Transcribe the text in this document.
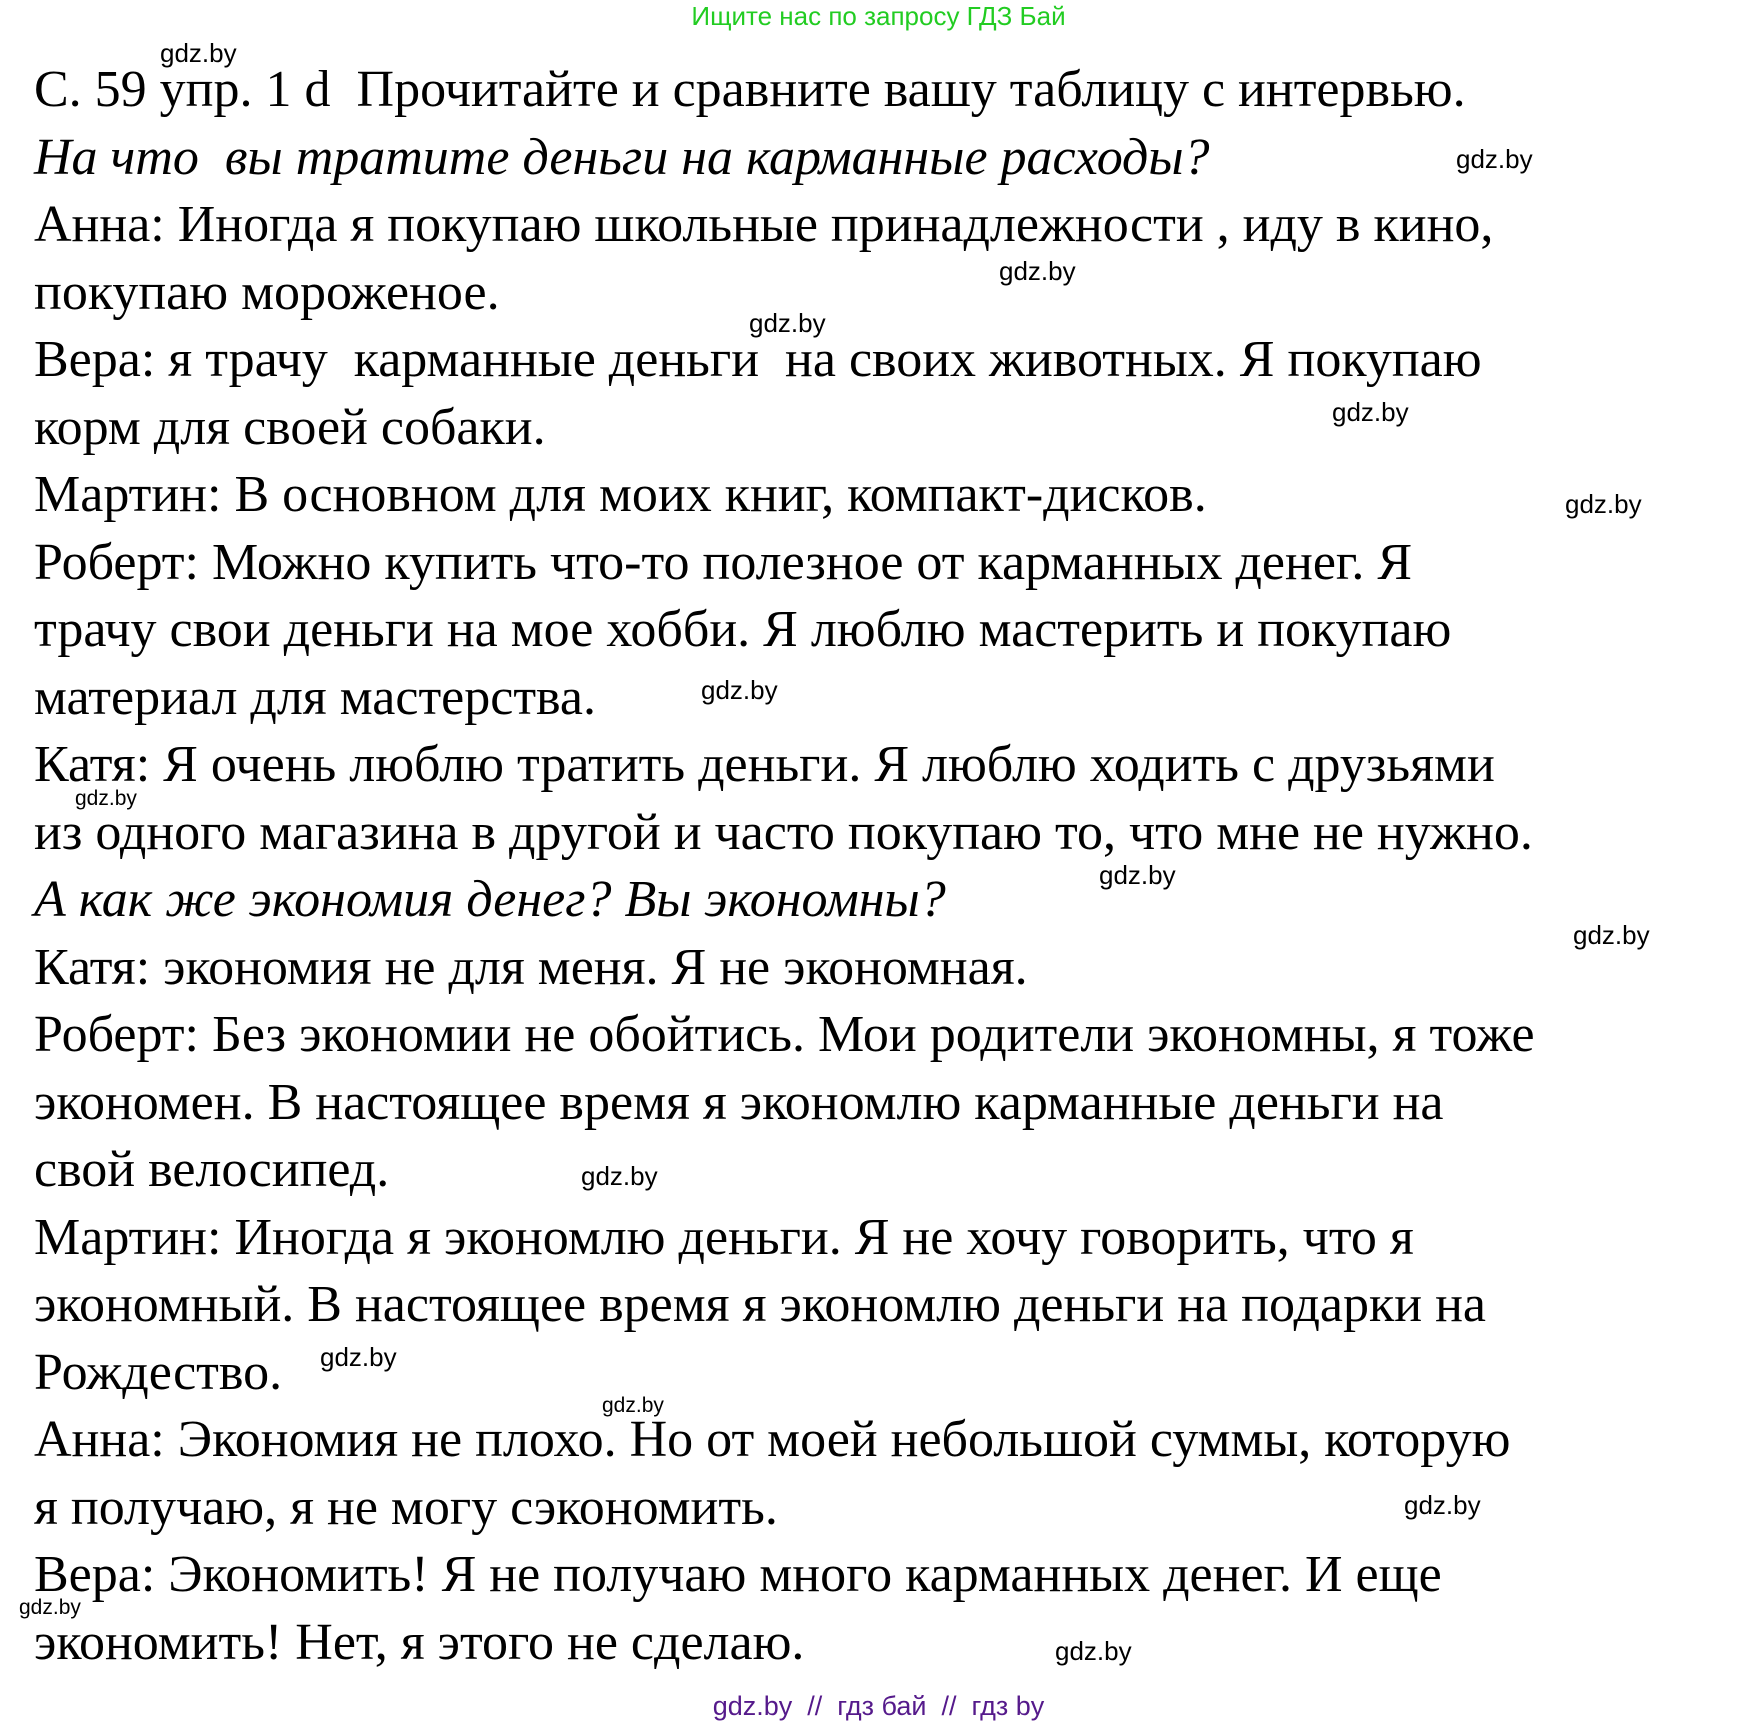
Ищите нас по запросу ГДЗ Бай
С. 59 упр. 1 d  Прочитайте и сравните вашу таблицу с интервью.
На что  вы тратите деньги на карманные расходы?
Анна: Иногда я покупаю школьные принадлежности , иду в кино,
покупаю мороженое.
Вера: я трачу  карманные деньги  на своих животных. Я покупаю
корм для своей собаки.
Мартин: В основном для моих книг, компакт-дисков.
Роберт: Можно купить что-то полезное от карманных денег. Я
трачу свои деньги на мое хобби. Я люблю мастерить и покупаю
материал для мастерства.
Катя: Я очень люблю тратить деньги. Я люблю ходить с друзьями
из одного магазина в другой и часто покупаю то, что мне не нужно.
А как же экономия денег? Вы экономны?
Катя: экономия не для меня. Я не экономная.
Роберт: Без экономии не обойтись. Мои родители экономны, я тоже
экономен. В настоящее время я экономлю карманные деньги на
свой велосипед.
Мартин: Иногда я экономлю деньги. Я не хочу говорить, что я
экономный. В настоящее время я экономлю деньги на подарки на
Рождество.
Анна: Экономия не плохо. Но от моей небольшой суммы, которую
я получаю, я не могу сэкономить.
Вера: Экономить! Я не получаю много карманных денег. И еще
экономить! Нет, я этого не сделаю.
gdz.by
gdz.by
gdz.by
gdz.by
gdz.by
gdz.by
gdz.by
gdz.by
gdz.by
gdz.by
gdz.by
gdz.by
gdz.by
gdz.by
gdz.by
gdz.by
gdz.by  //  гдз бай  //  гдз by
